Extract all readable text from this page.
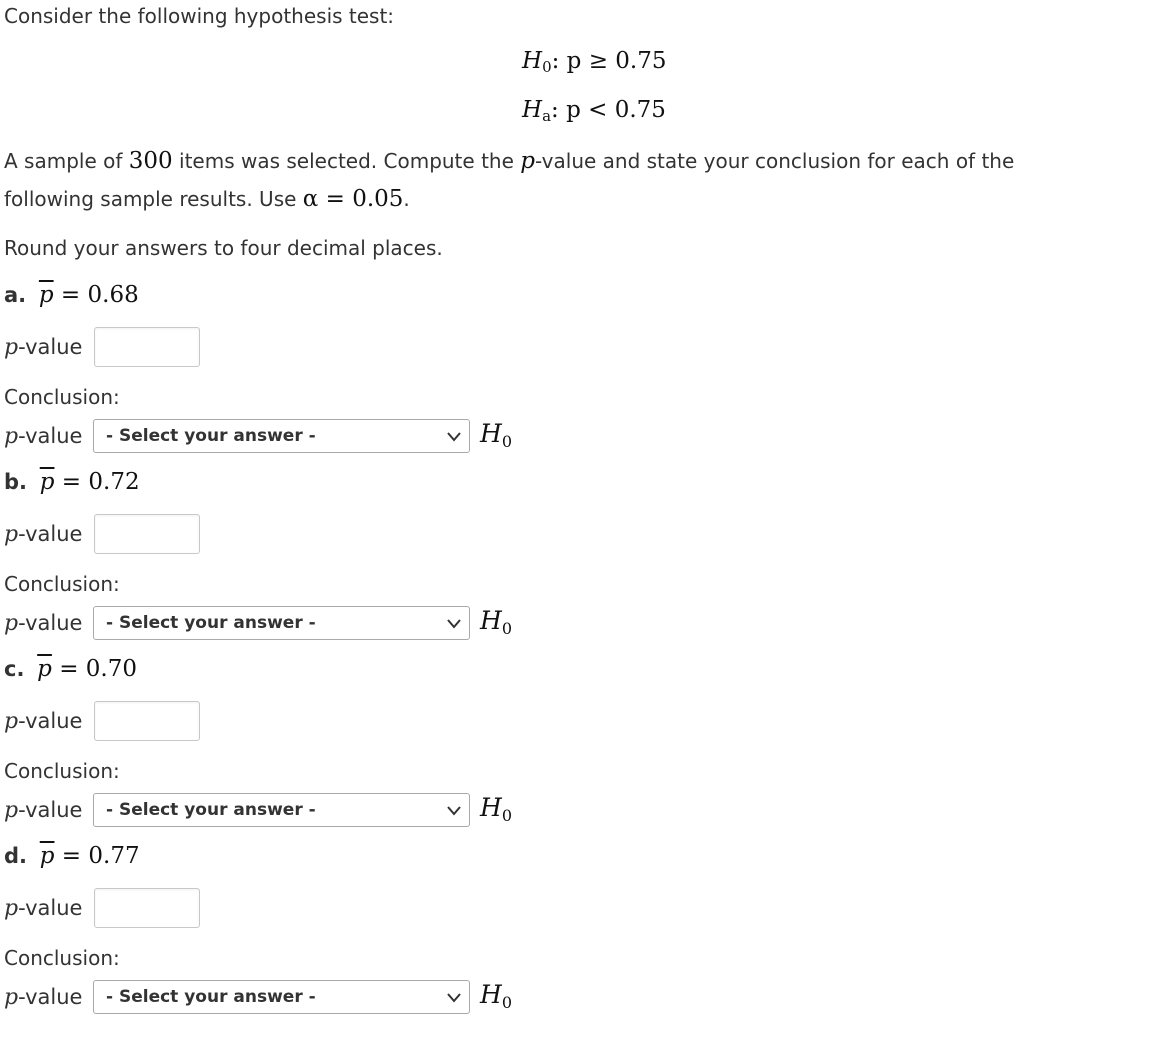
Consider the following hypothesis test:
$H_0$: p ≥ 0.75
$H_a$: p < 0.75
A sample of 300 items was selected. Compute the p-value and state your conclusion for each of the
following sample results. Use α = 0.05.
Round your answers to four decimal places.
a. $\overline{p} = 0.68$
p-value
Conclusion:
p-value - Select your answer -	$H_0$
b. $\overline{p} = 0.72$
p-value
Conclusion:
p-value - Select your answer -	$H_0$
c. $\overline{p} = 0.70$
p-value
Conclusion:
p-value - Select your answer -	$H_0$
d. $\overline{p} = 0.77$
p-value
Conclusion:
p-value - Select your answer -	$H_0$
